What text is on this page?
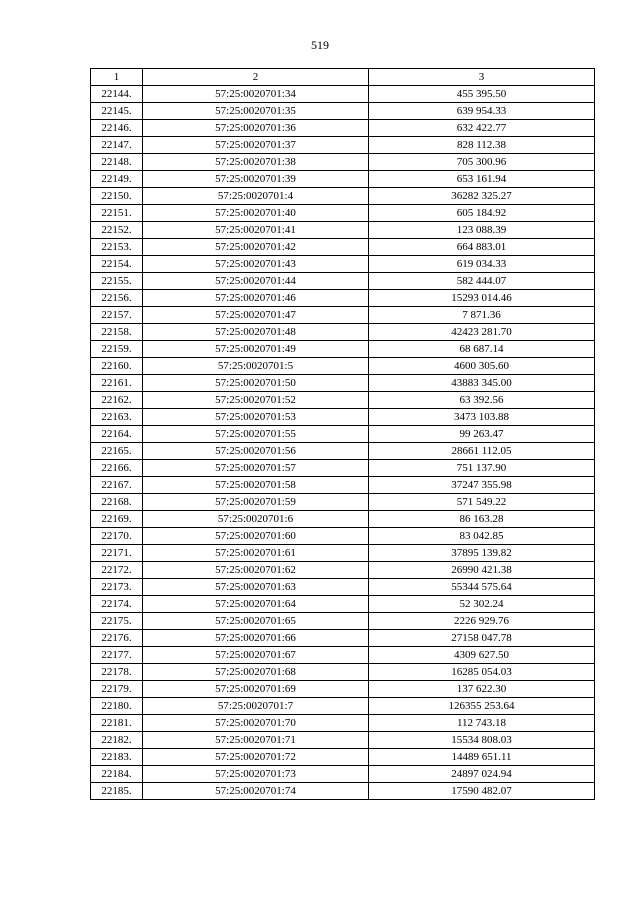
519
1	2	3
22144.	57:25:0020701:34	455 395.50
22145.	57:25:0020701:35	639 954.33
22146.	57:25:0020701:36	632 422.77
22147.	57:25:0020701:37	828 112.38
22148.	57:25:0020701:38	705 300.96
22149.	57:25:0020701:39	653 161.94
22150.	57:25:0020701:4	36282 325.27
22151.	57:25:0020701:40	605 184.92
22152.	57:25:0020701:41	123 088.39
22153.	57:25:0020701:42	664 883.01
22154.	57:25:0020701:43	619 034.33
22155.	57:25:0020701:44	582 444.07
22156.	57:25:0020701:46	15293 014.46
22157.	57:25:0020701:47	7 871.36
22158.	57:25:0020701:48	42423 281.70
22159.	57:25:0020701:49	68 687.14
22160.	57:25:0020701:5	4600 305.60
22161.	57:25:0020701:50	43883 345.00
22162.	57:25:0020701:52	63 392.56
22163.	57:25:0020701:53	3473 103.88
22164.	57:25:0020701:55	99 263.47
22165.	57:25:0020701:56	28661 112.05
22166.	57:25:0020701:57	751 137.90
22167.	57:25:0020701:58	37247 355.98
22168.	57:25:0020701:59	571 549.22
22169.	57:25:0020701:6	86 163.28
22170.	57:25:0020701:60	83 042.85
22171.	57:25:0020701:61	37895 139.82
22172.	57:25:0020701:62	26990 421.38
22173.	57:25:0020701:63	55344 575.64
22174.	57:25:0020701:64	52 302.24
22175.	57:25:0020701:65	2226 929.76
22176.	57:25:0020701:66	27158 047.78
22177.	57:25:0020701:67	4309 627.50
22178.	57:25:0020701:68	16285 054.03
22179.	57:25:0020701:69	137 622.30
22180.	57:25:0020701:7	126355 253.64
22181.	57:25:0020701:70	112 743.18
22182.	57:25:0020701:71	15534 808.03
22183.	57:25:0020701:72	14489 651.11
22184.	57:25:0020701:73	24897 024.94
22185.	57:25:0020701:74	17590 482.07
